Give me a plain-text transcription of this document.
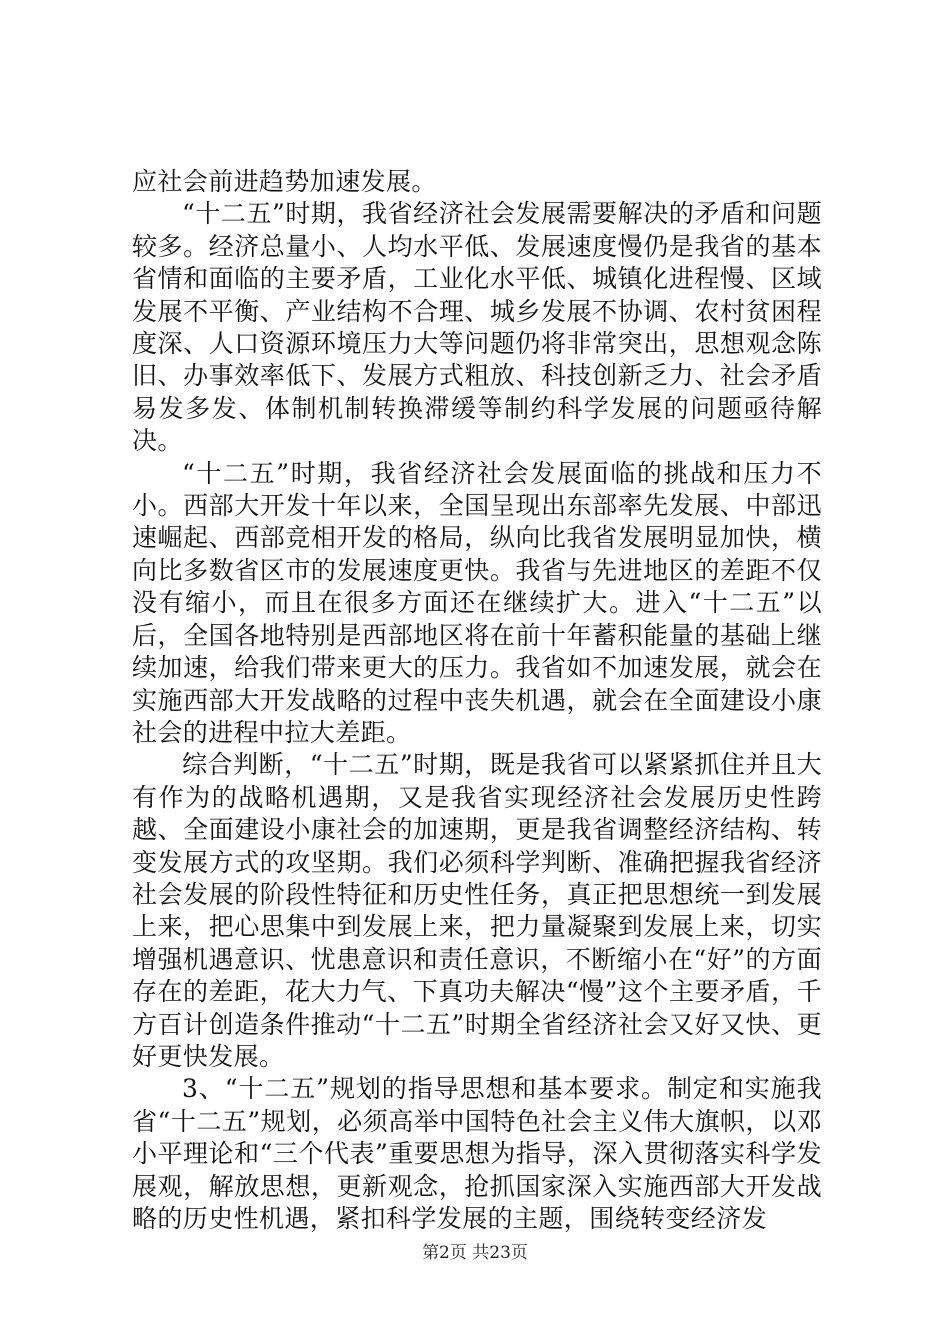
应社会前进趋势加速发展。

“十二五”时期，我省经济社会发展需要解决的矛盾和问题较多。经济总量小、人均水平低、发展速度慢仍是我省的基本省情和面临的主要矛盾，工业化水平低、城镇化进程慢、区域发展不平衡、产业结构不合理、城乡发展不协调、农村贫困程度深、人口资源环境压力大等问题仍将非常突出，思想观念陈旧、办事效率低下、发展方式粗放、科技创新乏力、社会矛盾易发多发、体制机制转换滞缓等制约科学发展的问题亟待解决。

“十二五”时期，我省经济社会发展面临的挑战和压力不小。西部大开发十年以来，全国呈现出东部率先发展、中部迅速崛起、西部竞相开发的格局，纵向比我省发展明显加快，横向比多数省区市的发展速度更快。我省与先进地区的差距不仅没有缩小，而且在很多方面还在继续扩大。进入“十二五”以后，全国各地特别是西部地区将在前十年蓄积能量的基础上继续加速，给我们带来更大的压力。我省如不加速发展，就会在实施西部大开发战略的过程中丧失机遇，就会在全面建设小康社会的进程中拉大差距。

综合判断，“十二五”时期，既是我省可以紧紧抓住并且大有作为的战略机遇期，又是我省实现经济社会发展历史性跨越、全面建设小康社会的加速期，更是我省调整经济结构、转变发展方式的攻坚期。我们必须科学判断、准确把握我省经济社会发展的阶段性特征和历史性任务，真正把思想统一到发展上来，把心思集中到发展上来，把力量凝聚到发展上来，切实增强机遇意识、忧患意识和责任意识，不断缩小在“好”的方面存在的差距，花大力气、下真功夫解决“慢”这个主要矛盾，千方百计创造条件推动“十二五”时期全省经济社会又好又快、更好更快发展。

3、“十二五”规划的指导思想和基本要求。制定和实施我省“十二五”规划，必须高举中国特色社会主义伟大旗帜，以邓小平理论和“三个代表”重要思想为指导，深入贯彻落实科学发展观，解放思想，更新观念，抢抓国家深入实施西部大开发战略的历史性机遇，紧扣科学发展的主题，围绕转变经济发

第2页 共23页
